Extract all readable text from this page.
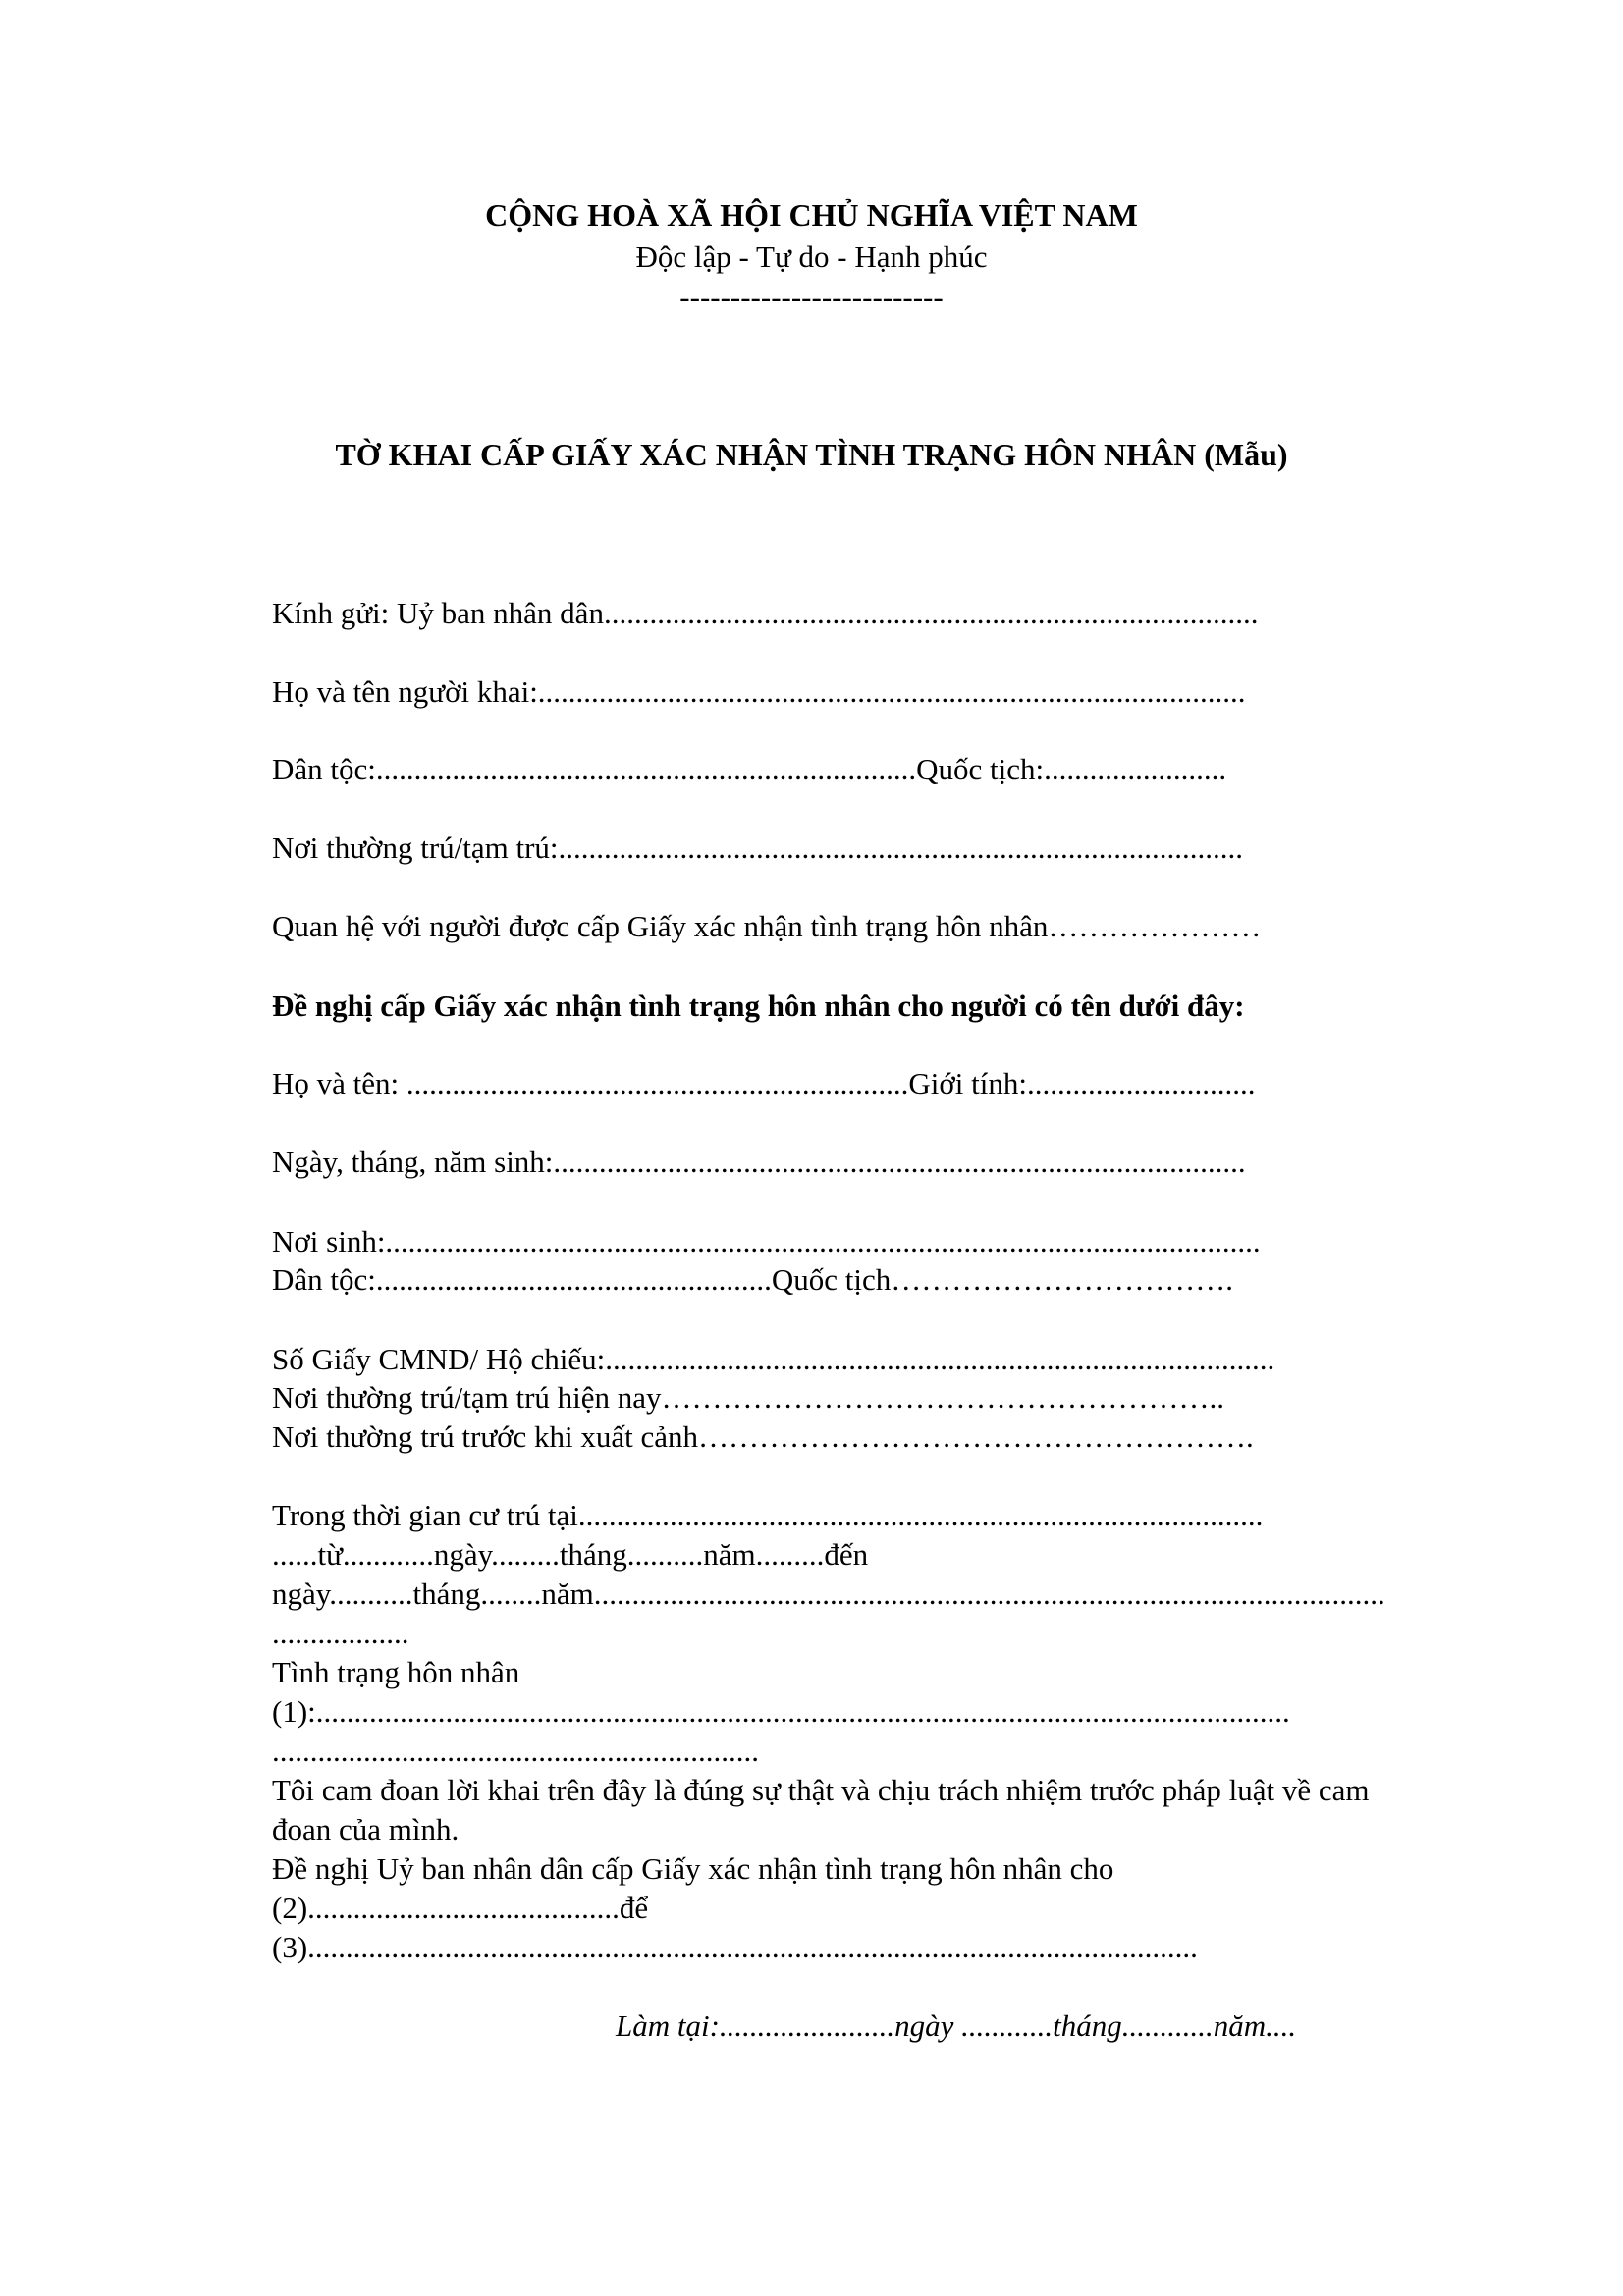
CỘNG HOÀ XÃ HỘI CHỦ NGHĨA VIỆT NAM
Độc lập - Tự do - Hạnh phúc
--------------------------
TỜ KHAI CẤP GIẤY XÁC NHẬN TÌNH TRẠNG HÔN NHÂN (Mẫu)
Kính gửi: Uỷ ban nhân dân......................................................................................
Họ và tên người khai:.............................................................................................
Dân tộc:.......................................................................Quốc tịch:........................
Nơi thường trú/tạm trú:..........................................................................................
Quan hệ với người được cấp Giấy xác nhận tình trạng hôn nhân…………………
Đề nghị cấp Giấy xác nhận tình trạng hôn nhân cho người có tên dưới đây:
Họ và tên: ..................................................................Giới tính:..............................
Ngày, tháng, năm sinh:...........................................................................................
Nơi sinh:...................................................................................................................
Dân tộc:....................................................Quốc tịch…………………………….
Số Giấy CMND/ Hộ chiếu:........................................................................................
Nơi thường trú/tạm trú hiện nay………………………………………………..
Nơi thường trú trước khi xuất cảnh……………………………………………….
Trong thời gian cư trú tại..........................................................................................
......từ............ngày.........tháng..........năm.........đến
ngày...........tháng........năm........................................................................................................
..................
Tình trạng hôn nhân
(1):................................................................................................................................
................................................................
Tôi cam đoan lời khai trên đây là đúng sự thật và chịu trách nhiệm trước pháp luật về cam
đoan của mình.
Đề nghị Uỷ ban nhân dân cấp Giấy xác nhận tình trạng hôn nhân cho
(2).........................................để
(3).....................................................................................................................
Làm tại:.......................ngày ............tháng............năm....
